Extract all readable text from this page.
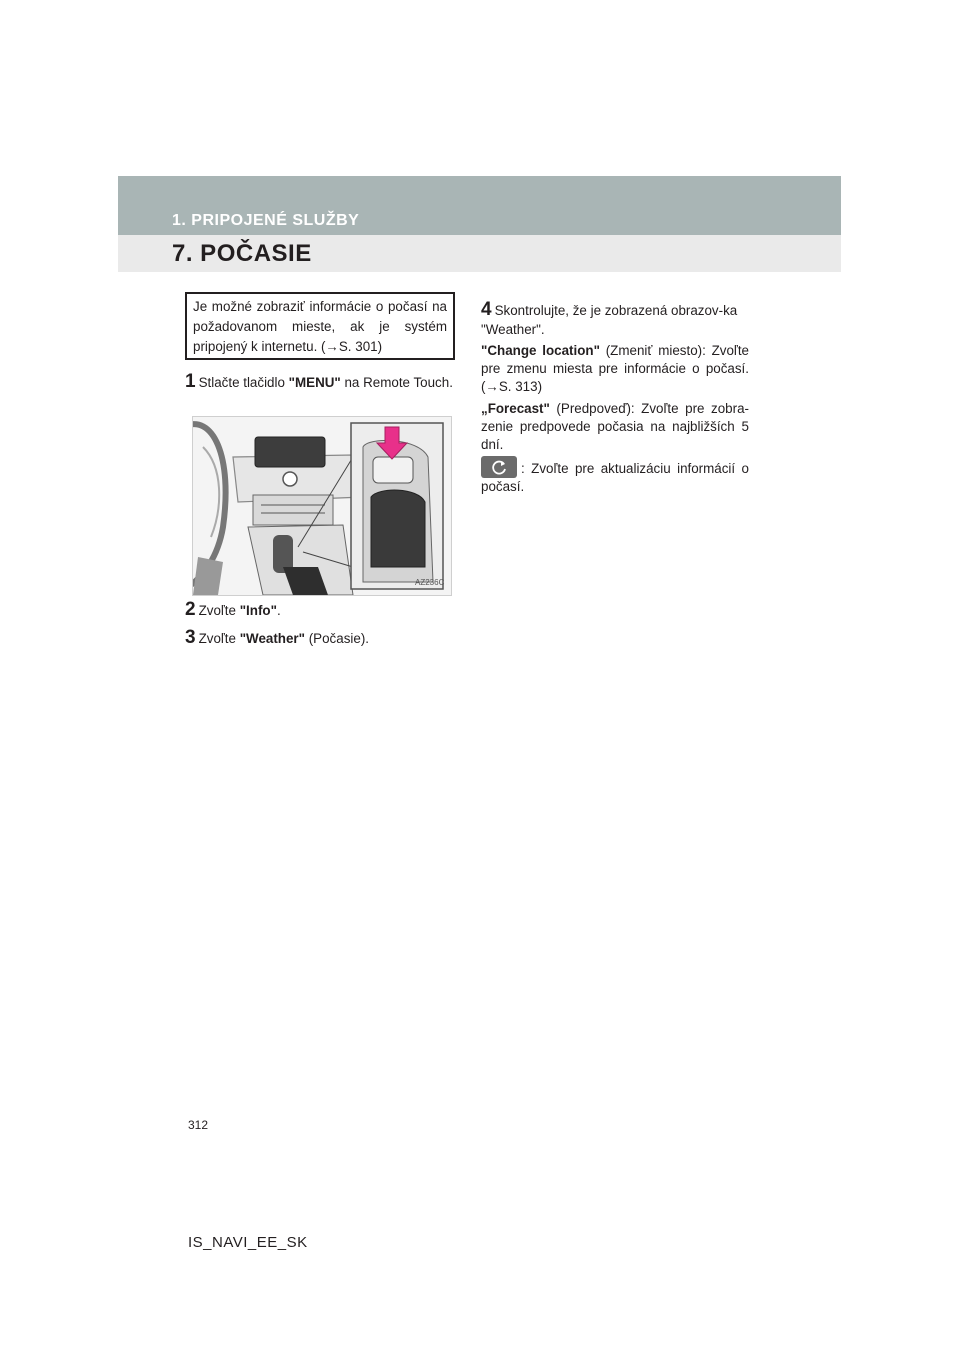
1. PRIPOJENÉ SLUŽBY
7. POČASIE
Je možné zobraziť informácie o počasí na požadovanom mieste, ak je systém pripojený k internetu. (→S. 301)
1 Stlačte tlačidlo "MENU" na Remote Touch.
AZ236C
2 Zvoľte "Info".
3 Zvoľte "Weather" (Počasie).
4 Skontrolujte, že je zobrazená obrazov-ka "Weather".
"Change location" (Zmeniť miesto): Zvoľte pre zmenu miesta pre informácie o počasí. (→S. 313)
„Forecast" (Predpoveď): Zvoľte pre zobra-zenie predpovede počasia na najbližších 5 dní.
: Zvoľte pre aktualizáciu informácií o počasí.
312
IS_NAVI_EE_SK
